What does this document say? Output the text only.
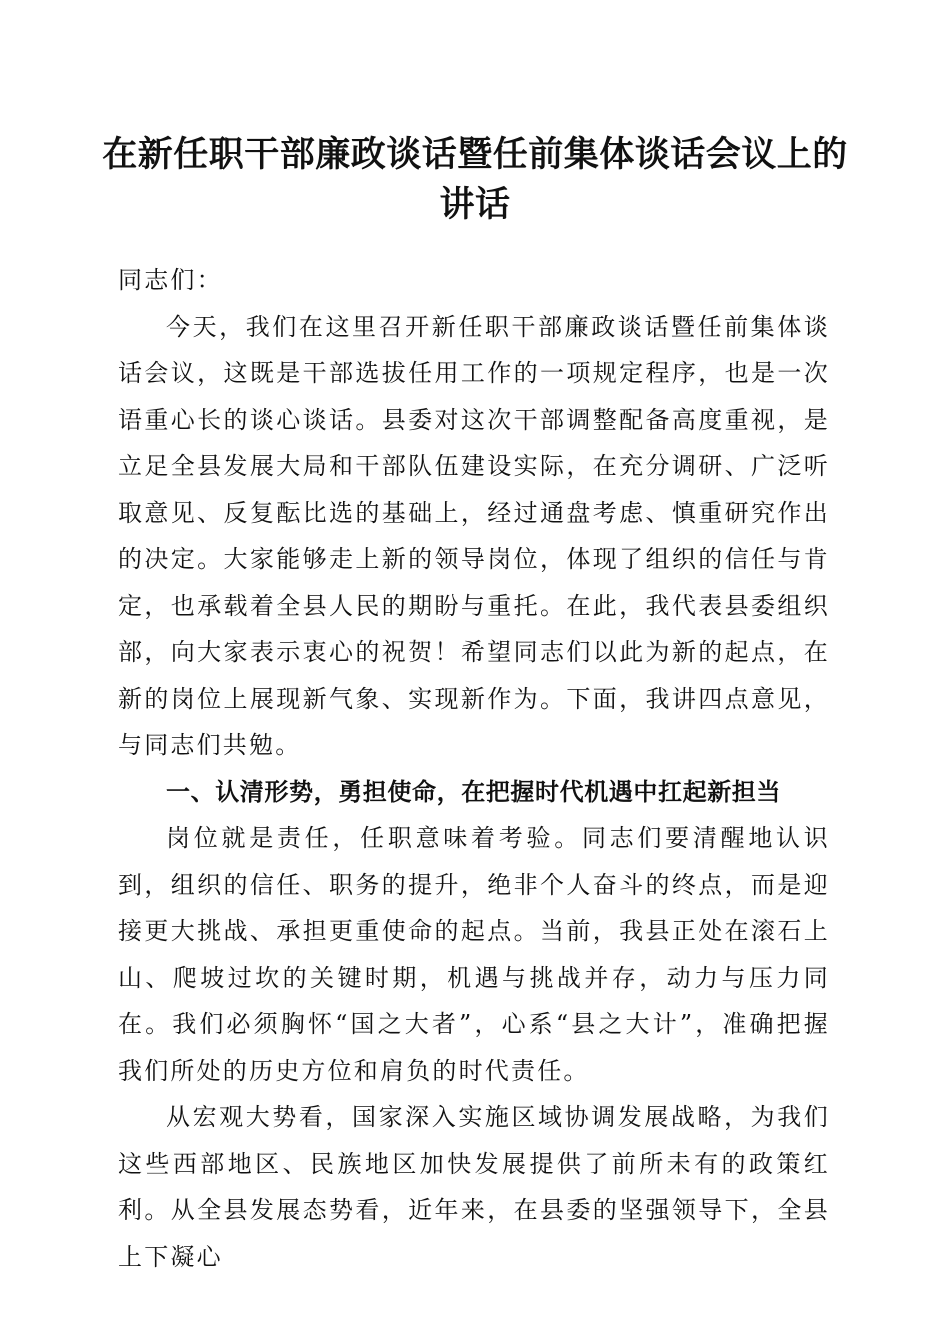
在新任职干部廉政谈话暨任前集体谈话会议上的讲话

同志们：

今天，我们在这里召开新任职干部廉政谈话暨任前集体谈话会议，这既是干部选拔任用工作的一项规定程序，也是一次语重心长的谈心谈话。县委对这次干部调整配备高度重视，是立足全县发展大局和干部队伍建设实际，在充分调研、广泛听取意见、反复酝比选的基础上，经过通盘考虑、慎重研究作出的决定。大家能够走上新的领导岗位，体现了组织的信任与肯定，也承载着全县人民的期盼与重托。在此，我代表县委组织部，向大家表示衷心的祝贺！希望同志们以此为新的起点，在新的岗位上展现新气象、实现新作为。下面，我讲四点意见，与同志们共勉。

一、认清形势，勇担使命，在把握时代机遇中扛起新担当

岗位就是责任，任职意味着考验。同志们要清醒地认识到，组织的信任、职务的提升，绝非个人奋斗的终点，而是迎接更大挑战、承担更重使命的起点。当前，我县正处在滚石上山、爬坡过坎的关键时期，机遇与挑战并存，动力与压力同在。我们必须胸怀“国之大者”，心系“县之大计”，准确把握我们所处的历史方位和肩负的时代责任。

从宏观大势看，国家深入实施区域协调发展战略，为我们这些西部地区、民族地区加快发展提供了前所未有的政策红利。从全县发展态势看，近年来，在县委的坚强领导下，全县上下凝心
